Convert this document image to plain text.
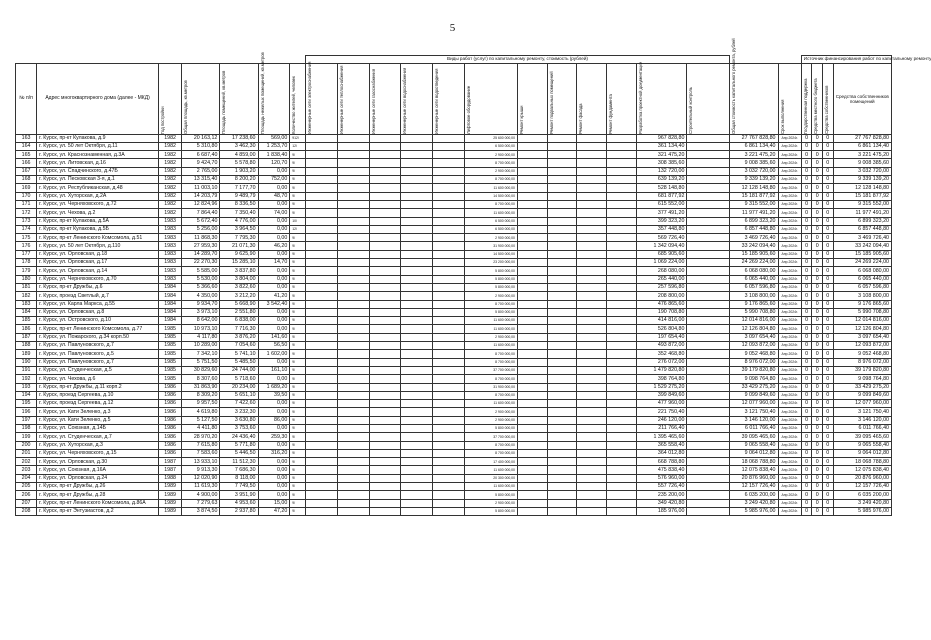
5
							Виды работ (услуг) по капитальному ремонту, стоимость (рублей)														Источник финансирования работ по капитальному ремонту			
№ п/п	Адрес многоквартирного дома (далее - МКД)	Год постройки	Общая площадь, кв.метров	Площадь помещений, кв.метров	Площадь нежилых помещений, кв.метров	Количество жителей, человек	Инженерные сети электроснабжения	Инженерные сети теплоснабжения	Инженерные сети газоснабжения	Инженерные сети водоснабжения	Инженерные сети водоотведения	Лифтовое оборудование	Ремонт крыши	Ремонт подвальных помещений	Ремонт фасада	Ремонт фундамента	Разработка проектной документации	Строительный контроль	Общая стоимость капитального ремонта, рублей	Срок выполнения	Государственная поддержка	Средства местного бюджета	Средства собственников	Средства собственников помещений
163	г. Курск, пр-кт Кулакова, д.9	1982	20 163,12	17 238,60	569,00	912/						25 600 000,00					967 828,80		27 767 828,80	Апр.2024г.	0	0	0	27 767 828,80
164	г. Курск, ул. 50 лет Октября, д.11	1982	5 310,80	3 462,30	1 253,70	12/						6 500 000,00					361 134,40		6 861 134,40	Апр.2024г.	0	0	0	6 861 134,40
165	г. Курск, ул. Краснознаменная, д.3А	1982	6 687,40	4 859,00	1 838,40	9/						2 900 000,00					321 475,20		3 221 475,20	Апр.2024г.	0	0	0	3 221 475,20
166	г. Курск, ул. Литовская, д.16	1982	9 424,70	5 578,80	120,70	9/						8 700 000,00					308 385,60		9 008 385,60	Апр.2024г.	0	0	0	9 008 385,60
167	г. Курск, ул. Спадчинского, д.47Б	1982	2 765,00	1 903,20	0,00	9/						2 900 000,00					132 720,00		3 032 720,00	Апр.2024г.	0	0	0	3 032 720,00
168	г. Курск, ул. Песковская 3-я, д.1	1982	13 315,40	8 200,20	752,00	9/						8 700 000,00					639 139,20		9 339 139,20	Апр.2024г.	0	0	0	9 339 139,20
169	г. Курск, ул. Республиканская, д.48	1982	11 003,10	7 177,70	0,00	9/						11 600 000,00					528 148,80		12 128 148,80	Апр.2024г.	0	0	0	12 128 148,80
170	г. Курск, ул. Хуторская, д.2А	1982	14 203,79	9 489,79	48,70	9/						14 500 000,00					681 877,92		15 181 877,92	Апр.2024г.	0	0	0	15 181 877,92
171	г. Курск, ул. Черняховского, д.72	1982	12 824,96	8 336,50	0,00	9/						8 700 000,00					615 552,00		9 315 552,00	Апр.2024г.	0	0	0	9 315 552,00
172	г. Курск, ул. Чехова, д.2	1982	7 864,40	7 350,40	74,00	9/						11 600 000,00					377 491,20		11 977 491,20	Апр.2024г.	0	0	0	11 977 491,20
173	г. Курск, пр-кт Кулакова, д.5А	1983	5 672,40	4 776,00	0,00	10/						6 500 000,00					399 323,20		6 899 323,20	Апр.2024г.	0	0	0	6 899 323,20
174	г. Курск, пр-кт Кулакова, д.5Б	1983	5 256,00	3 964,50	0,00	12/						6 500 000,00					357 448,80		6 857 448,80	Апр.2024г.	0	0	0	6 857 448,80
175	г. Курск, пр-кт Ленинского Комсомола, д.51	1983	11 868,30	7 795,30	0,00	9/						2 900 000,00					569 726,40		3 469 726,40	Апр.2024г.	0	0	0	3 469 726,40
176	г. Курск, ул. 50 лет Октября, д.110	1983	27 959,30	21 071,30	46,20	9/						31 900 000,00					1 342 094,40		33 242 094,40	Апр.2024г.	0	0	0	33 242 094,40
177	г. Курск, ул. Орловская, д.18	1983	14 289,70	9 625,90	0,00	9/						14 500 000,00					685 905,60		15 185 905,60	Апр.2024г.	0	0	0	15 185 905,60
178	г. Курск, ул. Орловская, д.17	1983	22 270,30	15 285,10	14,70	9/						23 200 000,00					1 069 224,00		24 269 224,00	Апр.2024г.	0	0	0	24 269 224,00
179	г. Курск, ул. Орловская, д.14	1983	5 585,00	3 837,80	0,00	9/						5 800 000,00					268 080,00		6 068 080,00	Апр.2024г.	0	0	0	6 068 080,00
180	г. Курск, ул. Черняховского, д.70	1983	5 530,00	3 804,00	0,00	9/						5 800 000,00					265 440,00		6 065 440,00	Апр.2024г.	0	0	0	6 065 440,00
181	г. Курск, пр-кт Дружбы, д.6	1984	5 366,60	3 822,60	0,00	9/						5 800 000,00					257 596,80		6 057 596,80	Апр.2024г.	0	0	0	6 057 596,80
182	г. Курск, проезд Светлый, д.7	1984	4 350,00	3 212,20	41,20	9/						2 900 000,00					208 800,00		3 108 800,00	Апр.2024г.	0	0	0	3 108 800,00
183	г. Курск, ул. Карла Маркса, д.55	1984	9 934,70	5 668,90	3 542,40	9/						8 700 000,00					476 865,60		9 176 865,60	Апр.2024г.	0	0	0	9 176 865,60
184	г. Курск, ул. Орловская, д.8	1984	3 973,10	2 551,80	0,00	9/						5 800 000,00					190 708,80		5 990 708,80	Апр.2024г.	0	0	0	5 990 708,80
185	г. Курск, ул. Островского, д.10	1984	8 642,00	6 838,00	0,00	9/						11 600 000,00					414 816,00		12 014 816,00	Апр.2024г.	0	0	0	12 014 816,00
186	г. Курск, пр-кт Ленинского Комсомола, д.77	1985	10 973,10	7 716,30	0,00	9/						11 600 000,00					526 804,80		12 126 804,80	Апр.2024г.	0	0	0	12 126 804,80
187	г. Курск, ул. Пожарского, д.34 корп.50	1985	4 117,80	3 876,20	141,60	9/						2 900 000,00					197 654,40		3 097 654,40	Апр.2024г.	0	0	0	3 097 654,40
188	г. Курск, ул. Павлуновского, д.7	1985	10 289,00	7 054,60	56,50	9/						11 600 000,00					493 872,00		12 093 872,00	Апр.2024г.	0	0	0	12 093 872,00
189	г. Курск, ул. Павлуновского, д.5	1985	7 342,10	5 741,10	1 602,00	9/						8 700 000,00					352 468,80		9 052 468,80	Апр.2024г.	0	0	0	9 052 468,80
190	г. Курск, ул. Павлуновского, д.7	1985	5 751,50	5 485,50	0,00	9/						8 700 000,00					276 072,00		8 976 072,00	Апр.2024г.	0	0	0	8 976 072,00
191	г. Курск, ул. Студенческая, д.5	1985	30 829,60	24 744,00	161,10	9/						37 700 000,00					1 479 820,80		39 179 820,80	Апр.2024г.	0	0	0	39 179 820,80
192	г. Курск, ул. Чехова, д.6	1985	8 307,60	5 718,60	0,00	9/						8 700 000,00					398 764,80		9 098 764,80	Апр.2024г.	0	0	0	9 098 764,80
193	г. Курск, пр-кт Дружбы, д.11 корп.2	1986	31 863,90	20 234,00	1 689,20	9/						31 900 000,00					1 529 275,20		33 429 275,20	Апр.2024г.	0	0	0	33 429 275,20
194	г. Курск, проезд Сергеева, д.10	1986	8 309,20	5 651,10	39,50	9/						8 700 000,00					399 849,60		9 099 849,60	Апр.2024г.	0	0	0	9 099 849,60
195	г. Курск, проезд Сергеева, д.12	1986	9 957,50	7 422,60	0,00	9/						11 600 000,00					477 960,00		12 077 960,00	Апр.2024г.	0	0	0	12 077 960,00
196	г. Курск, ул. Кати Зеленко, д.3	1986	4 619,80	3 232,30	0,00	9/						2 900 000,00					221 750,40		3 121 750,40	Апр.2024г.	0	0	0	3 121 750,40
197	г. Курск, ул. Кати Зеленко, д.5	1986	5 127,50	3 630,80	86,00	9/						2 900 000,00					246 120,00		3 146 120,00	Апр.2024г.	0	0	0	3 146 120,00
198	г. Курск, ул. Союзная, д.14Б	1986	4 411,80	3 753,60	0,00	9/						5 800 000,00					211 766,40		6 011 766,40	Апр.2024г.	0	0	0	6 011 766,40
199	г. Курск, ул. Студенческая, д.7	1986	28 970,20	24 436,40	259,30	9/						37 700 000,00					1 395 465,60		39 095 465,60	Апр.2024г.	0	0	0	39 095 465,60
200	г. Курск, ул. Хуторская, д.3	1986	7 615,80	5 771,80	0,00	9/						8 700 000,00					365 558,40		9 065 558,40	Апр.2024г.	0	0	0	9 065 558,40
201	г. Курск, ул. Черняховского, д.15	1986	7 583,60	5 446,50	316,20	9/						8 700 000,00					364 012,80		9 064 012,80	Апр.2024г.	0	0	0	9 064 012,80
202	г. Курск, ул. Орловская, д.30	1987	13 933,10	11 512,30	0,00	9/						17 400 000,00					668 788,80		18 068 788,80	Апр.2024г.	0	0	0	18 068 788,80
203	г. Курск, ул. Союзная, д.16А	1987	9 913,30	7 686,30	0,00	9/						11 600 000,00					475 838,40		12 075 838,40	Апр.2024г.	0	0	0	12 075 838,40
204	г. Курск, ул. Орловская, д.24	1988	12 020,90	8 118,00	0,00	9/						20 300 000,00					576 960,00		20 876 960,00	Апр.2024г.	0	0	0	20 876 960,00
205	г. Курск, пр-кт Дружбы, д.26	1989	11 619,30	7 749,50	0,00	9/						11 600 000,00					557 726,40		12 157 726,40	Апр.2024г.	0	0	0	12 157 726,40
206	г. Курск, пр-кт Дружбы, д.28	1989	4 900,00	3 951,90	0,00	9/						5 800 000,00					235 200,00		6 035 200,00	Апр.2024г.	0	0	0	6 035 200,00
207	г. Курск, пр-кт Ленинского Комсомола, д.86А	1989	7 279,63	4 953,60	15,00	9/						2 900 000,00					349 420,80		3 249 420,80	Апр.2024г.	0	0	0	3 249 420,80
208	г. Курск, пр-кт Энтузиастов, д.2	1989	3 874,50	2 937,80	47,20	9/						5 800 000,00					185 976,00		5 985 976,00	Апр.2024г.	0	0	0	5 985 976,00
